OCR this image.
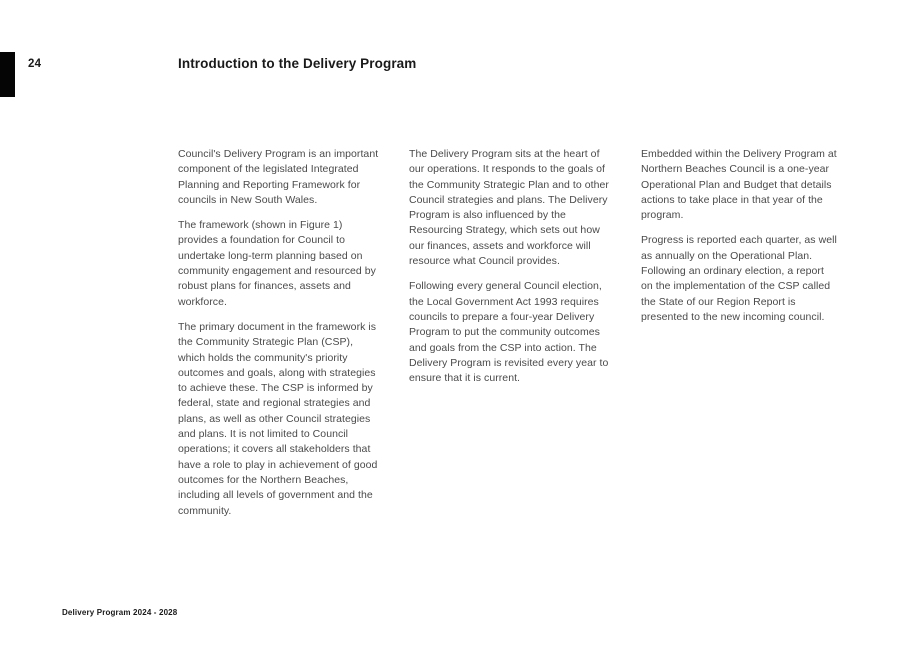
24	Introduction to the Delivery Program

Council's Delivery Program is an important component of the legislated Integrated Planning and Reporting Framework for councils in New South Wales.

The framework (shown in Figure 1) provides a foundation for Council to undertake long-term planning based on community engagement and resourced by robust plans for finances, assets and workforce.

The primary document in the framework is the Community Strategic Plan (CSP), which holds the community's priority outcomes and goals, along with strategies to achieve these. The CSP is informed by federal, state and regional strategies and plans, as well as other Council strategies and plans. It is not limited to Council operations; it covers all stakeholders that have a role to play in achievement of good outcomes for the Northern Beaches, including all levels of government and the community.

The Delivery Program sits at the heart of our operations. It responds to the goals of the Community Strategic Plan and to other Council strategies and plans. The Delivery Program is also influenced by the Resourcing Strategy, which sets out how our finances, assets and workforce will resource what Council provides.

Following every general Council election, the Local Government Act 1993 requires councils to prepare a four-year Delivery Program to put the community outcomes and goals from the CSP into action. The Delivery Program is revisited every year to ensure that it is current.

Embedded within the Delivery Program at Northern Beaches Council is a one-year Operational Plan and Budget that details actions to take place in that year of the program.

Progress is reported each quarter, as well as annually on the Operational Plan. Following an ordinary election, a report on the implementation of the CSP called the State of our Region Report is presented to the new incoming council.

Delivery Program 2024 - 2028
